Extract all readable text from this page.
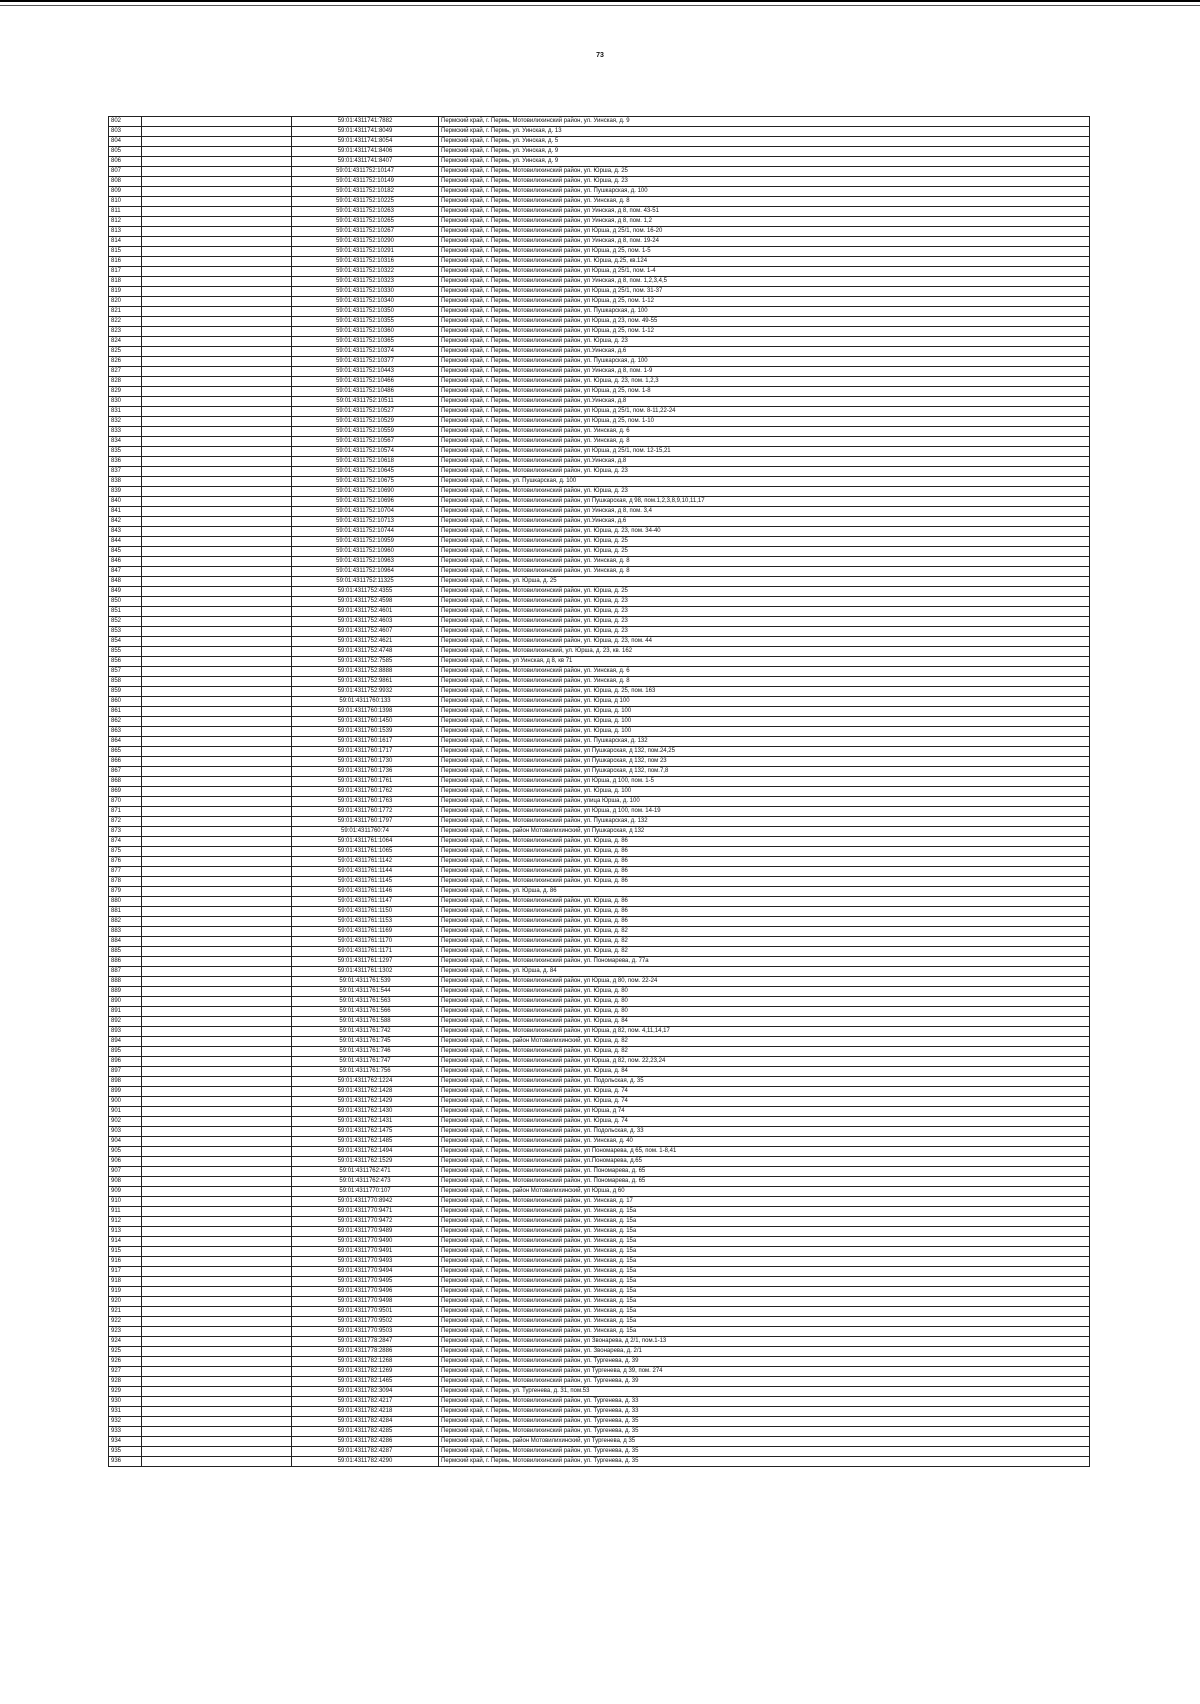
73
802		59:01:4311741:7882	Пермский край, г. Пермь, Мотовилихинский район, ул. Уинская, д. 9
803		59:01:4311741:8049	Пермский край, г. Пермь, ул. Уинская, д. 13
804		59:01:4311741:8054	Пермский край, г. Пермь, ул. Уинская, д. 5
805		59:01:4311741:8406	Пермский край, г. Пермь, ул. Уинская, д. 9
806		59:01:4311741:8407	Пермский край, г. Пермь, ул. Уинская, д. 9
807		59:01:4311752:10147	Пермский край, г. Пермь, Мотовилихинский район, ул. Юрша, д. 25
808		59:01:4311752:10149	Пермский край, г. Пермь, Мотовилихинский район, ул. Юрша, д. 23
809		59:01:4311752:10182	Пермский край, г. Пермь, Мотовилихинский район, ул. Пушкарская, д. 100
810		59:01:4311752:10225	Пермский край, г. Пермь, Мотовилихинский район, ул. Уинская, д. 8
811		59:01:4311752:10263	Пермский край, г. Пермь, Мотовилихинский район, ул Уинская, д 8, пом. 43-51
812		59:01:4311752:10265	Пермский край, г. Пермь, Мотовилихинский район, ул Уинская, д 8, пом. 1,2
813		59:01:4311752:10267	Пермский край, г. Пермь, Мотовилихинский район, ул Юрша, д 25/1, пом. 16-20
814		59:01:4311752:10290	Пермский край, г. Пермь, Мотовилихинский район, ул Уинская, д 8, пом. 19-24
815		59:01:4311752:10291	Пермский край, г. Пермь, Мотовилихинский район, ул Юрша, д 25, пом. 1-5
816		59:01:4311752:10316	Пермский край, г. Пермь, Мотовилихинский район, ул. Юрша, д.25, кв.124
817		59:01:4311752:10322	Пермский край, г. Пермь, Мотовилихинский район, ул Юрша, д 25/1, пом. 1-4
818		59:01:4311752:10323	Пермский край, г. Пермь, Мотовилихинский район, ул Уинская, д 8, пом. 1,2,3,4,5
819		59:01:4311752:10330	Пермский край, г. Пермь, Мотовилихинский район, ул Юрша, д 25/1, пом. 31-37
820		59:01:4311752:10340	Пермский край, г. Пермь, Мотовилихинский район, ул Юрша, д 25, пом. 1-12
821		59:01:4311752:10350	Пермский край, г. Пермь, Мотовилихинский район, ул. Пушкарская, д. 100
822		59:01:4311752:10355	Пермский край, г. Пермь, Мотовилихинский район, ул Юрша, д 23, пом. 49-55
823		59:01:4311752:10360	Пермский край, г. Пермь, Мотовилихинский район, ул Юрша, д 25, пом. 1-12
824		59:01:4311752:10365	Пермский край, г. Пермь, Мотовилихинский район, ул. Юрша, д. 23
825		59:01:4311752:10374	Пермский край, г. Пермь, Мотовилихинский район, ул.Уинская, д.6
826		59:01:4311752:10377	Пермский край, г. Пермь, Мотовилихинский район, ул. Пушкарская, д. 100
827		59:01:4311752:10443	Пермский край, г. Пермь, Мотовилихинский район, ул Уинская, д 8, пом. 1-9
828		59:01:4311752:10466	Пермский край, г. Пермь, Мотовилихинский район, ул. Юрша, д. 23, пом. 1,2,3
829		59:01:4311752:10486	Пермский край, г. Пермь, Мотовилихинский район, ул Юрша, д 25, пом. 1-8
830		59:01:4311752:10511	Пермский край, г. Пермь, Мотовилихинский район, ул.Уинская, д.8
831		59:01:4311752:10527	Пермский край, г. Пермь, Мотовилихинский район, ул Юрша, д 25/1, пом. 8-11,22-24
832		59:01:4311752:10529	Пермский край, г. Пермь, Мотовилихинский район, ул Юрша, д 25, пом. 1-10
833		59:01:4311752:10559	Пермский край, г. Пермь, Мотовилихинский район, ул. Уинская, д. 6
834		59:01:4311752:10567	Пермский край, г. Пермь, Мотовилихинский район, ул. Уинская, д. 8
835		59:01:4311752:10574	Пермский край, г. Пермь, Мотовилихинский район, ул Юрша, д 25/1, пом. 12-15,21
836		59:01:4311752:10618	Пермский край, г. Пермь, Мотовилихинский район, ул.Уинская, д.8
837		59:01:4311752:10645	Пермский край, г. Пермь, Мотовилихинский район, ул. Юрша, д. 23
838		59:01:4311752:10675	Пермский край, г. Пермь, ул. Пушкарская, д. 100
839		59:01:4311752:10690	Пермский край, г. Пермь, Мотовилихинский район, ул. Юрша, д. 23
840		59:01:4311752:10696	Пермский край, г. Пермь, Мотовилихинский район, ул Пушкарская, д 98, пом.1,2,3,8,9,10,11,17
841		59:01:4311752:10704	Пермский край, г. Пермь, Мотовилихинский район, ул Уинская, д 8, пом. 3,4
842		59:01:4311752:10713	Пермский край, г. Пермь, Мотовилихинский район, ул.Уинская, д.6
843		59:01:4311752:10744	Пермский край, г. Пермь, Мотовилихинский район, ул. Юрша, д. 23, пом. 34-40
844		59:01:4311752:10959	Пермский край, г. Пермь, Мотовилихинский район, ул. Юрша, д. 25
845		59:01:4311752:10960	Пермский край, г. Пермь, Мотовилихинский район, ул. Юрша, д. 25
846		59:01:4311752:10963	Пермский край, г. Пермь, Мотовилихинский район, ул. Уинская, д. 8
847		59:01:4311752:10964	Пермский край, г. Пермь, Мотовилихинский район, ул. Уинская, д. 8
848		59:01:4311752:11325	Пермский край, г. Пермь, ул. Юрша, д. 25
849		59:01:4311752:4355	Пермский край, г. Пермь, Мотовилихинский район, ул. Юрша, д. 25
850		59:01:4311752:4598	Пермский край, г. Пермь, Мотовилихинский район, ул. Юрша, д. 23
851		59:01:4311752:4601	Пермский край, г. Пермь, Мотовилихинский район, ул. Юрша, д. 23
852		59:01:4311752:4603	Пермский край, г. Пермь, Мотовилихинский район, ул. Юрша, д. 23
853		59:01:4311752:4607	Пермский край, г. Пермь, Мотовилихинский район, ул. Юрша, д. 23
854		59:01:4311752:4621	Пермский край, г. Пермь, Мотовилихинский район, ул. Юрша, д. 23, пом. 44
855		59:01:4311752:4748	Пермский край, г. Пермь, Мотовилихинский, ул. Юрша, д. 23, кв. 162
856		59:01:4311752:7585	Пермский край, г. Пермь, ул Уинская, д 8, кв 71
857		59:01:4311752:8888	Пермский край, г. Пермь, Мотовилихинский район, ул. Уинская, д. 6
858		59:01:4311752:9861	Пермский край, г. Пермь, Мотовилихинский район, ул. Уинская, д. 8
859		59:01:4311752:9932	Пермский край, г. Пермь, Мотовилихинский район, ул. Юрша, д. 25, пом. 163
860		59:01:4311760:133	Пермский край, г. Пермь, Мотовилихинский район, ул. Юрша, д 100
861		59:01:4311760:1398	Пермский край, г. Пермь, Мотовилихинский район, ул. Юрша, д. 100
862		59:01:4311760:1450	Пермский край, г. Пермь, Мотовилихинский район, ул. Юрша, д. 100
863		59:01:4311760:1539	Пермский край, г. Пермь, Мотовилихинский район, ул. Юрша, д. 100
864		59:01:4311760:1617	Пермский край, г. Пермь, Мотовилихинский район, ул. Пушкарская, д. 132
865		59:01:4311760:1717	Пермский край, г. Пермь, Мотовилихинский район, ул Пушкарская, д 132, пом.24,25
866		59:01:4311760:1730	Пермский край, г. Пермь, Мотовилихинский район, ул Пушкарская, д 132, пом 23
867		59:01:4311760:1736	Пермский край, г. Пермь, Мотовилихинский район, ул Пушкарская, д 132, пом.7,8
868		59:01:4311760:1761	Пермский край, г. Пермь, Мотовилихинский район, ул Юрша, д 100, пом. 1-5
869		59:01:4311760:1762	Пермский край, г. Пермь, Мотовилихинский район, ул. Юрша, д. 100
870		59:01:4311760:1763	Пермский край, г. Пермь, Мотовилихинский район, улица Юрша, д. 100
871		59:01:4311760:1772	Пермский край, г. Пермь, Мотовилихинский район, ул Юрша, д 100, пом. 14-19
872		59:01:4311760:1797	Пермский край, г. Пермь, Мотовилихинский район, ул. Пушкарская, д. 132
873		59:01:4311760:74	Пермский край, г. Пермь, район Мотовилихинский, ул Пушкарская, д 132
874		59:01:4311761:1064	Пермский край, г. Пермь, Мотовилихинский район, ул. Юрша, д. 86
875		59:01:4311761:1065	Пермский край, г. Пермь, Мотовилихинский район, ул. Юрша, д. 86
876		59:01:4311761:1142	Пермский край, г. Пермь, Мотовилихинский район, ул. Юрша, д. 86
877		59:01:4311761:1144	Пермский край, г. Пермь, Мотовилихинский район, ул. Юрша, д. 86
878		59:01:4311761:1145	Пермский край, г. Пермь, Мотовилихинский район, ул. Юрша, д. 86
879		59:01:4311761:1146	Пермский край, г. Пермь, ул. Юрша, д. 86
880		59:01:4311761:1147	Пермский край, г. Пермь, Мотовилихинский район, ул. Юрша, д. 86
881		59:01:4311761:1150	Пермский край, г. Пермь, Мотовилихинский район, ул. Юрша, д. 86
882		59:01:4311761:1153	Пермский край, г. Пермь, Мотовилихинский район, ул. Юрша, д. 86
883		59:01:4311761:1169	Пермский край, г. Пермь, Мотовилихинский район, ул. Юрша, д. 82
884		59:01:4311761:1170	Пермский край, г. Пермь, Мотовилихинский район, ул. Юрша, д. 82
885		59:01:4311761:1171	Пермский край, г. Пермь, Мотовилихинский район, ул. Юрша, д. 82
886		59:01:4311761:1297	Пермский край, г. Пермь, Мотовилихинский район, ул. Пономарева, д. 77а
887		59:01:4311761:1302	Пермский край, г. Пермь, ул. Юрша, д. 84
888		59:01:4311761:539	Пермский край, г. Пермь, Мотовилихинский район, ул Юрша, д 80, пом. 22-24
889		59:01:4311761:544	Пермский край, г. Пермь, Мотовилихинский район, ул. Юрша, д. 80
890		59:01:4311761:563	Пермский край, г. Пермь, Мотовилихинский район, ул. Юрша, д. 80
891		59:01:4311761:566	Пермский край, г. Пермь, Мотовилихинский район, ул. Юрша, д. 80
892		59:01:4311761:588	Пермский край, г. Пермь, Мотовилихинский район, ул. Юрша, д. 84
893		59:01:4311761:742	Пермский край, г. Пермь, Мотовилихинский район, ул Юрша, д 82, пом. 4,11,14,17
894		59:01:4311761:745	Пермский край, г. Пермь, район Мотовилихинский, ул. Юрша, д. 82
895		59:01:4311761:746	Пермский край, г. Пермь, Мотовилихинский район, ул. Юрша, д. 82
896		59:01:4311761:747	Пермский край, г. Пермь, Мотовилихинский район, ул Юрша, д 82, пом. 22,23,24
897		59:01:4311761:756	Пермский край, г. Пермь, Мотовилихинский район, ул. Юрша, д. 84
898		59:01:4311762:1224	Пермский край, г. Пермь, Мотовилихинский район, ул. Подольская, д. 35
899		59:01:4311762:1428	Пермский край, г. Пермь, Мотовилихинский район, ул. Юрша, д. 74
900		59:01:4311762:1429	Пермский край, г. Пермь, Мотовилихинский район, ул. Юрша, д. 74
901		59:01:4311762:1430	Пермский край, г. Пермь, Мотовилихинский район, ул Юрша, д 74
902		59:01:4311762:1431	Пермский край, г. Пермь, Мотовилихинский район, ул. Юрша, д. 74
903		59:01:4311762:1475	Пермский край, г. Пермь, Мотовилихинский район, ул. Подольская, д. 33
904		59:01:4311762:1485	Пермский край, г. Пермь, Мотовилихинский район, ул. Уинская, д. 40
905		59:01:4311762:1494	Пермский край, г. Пермь, Мотовилихинский район, ул Пономарева, д 65, пом. 1-8,41
906		59:01:4311762:1529	Пермский край, г. Пермь, Мотовилихинский район, ул.Пономарева, д.65
907		59:01:4311762:471	Пермский край, г. Пермь, Мотовилихинский район, ул. Пономарева, д. 65
908		59:01:4311762:473	Пермский край, г. Пермь, Мотовилихинский район, ул. Пономарева, д. 65
909		59:01:4311770:107	Пермский край, г. Пермь, район Мотовилихинский, ул Юрша, д 60
910		59:01:4311770:8942	Пермский край, г. Пермь, Мотовилихинский район, ул. Уинская, д. 17
911		59:01:4311770:9471	Пермский край, г. Пермь, Мотовилихинский район, ул. Уинская, д. 15а
912		59:01:4311770:9472	Пермский край, г. Пермь, Мотовилихинский район, ул. Уинская, д. 15а
913		59:01:4311770:9489	Пермский край, г. Пермь, Мотовилихинский район, ул. Уинская, д. 15а
914		59:01:4311770:9490	Пермский край, г. Пермь, Мотовилихинский район, ул. Уинская, д. 15а
915		59:01:4311770:9491	Пермский край, г. Пермь, Мотовилихинский район, ул. Уинская, д. 15а
916		59:01:4311770:9493	Пермский край, г. Пермь, Мотовилихинский район, ул. Уинская, д. 15а
917		59:01:4311770:9494	Пермский край, г. Пермь, Мотовилихинский район, ул. Уинская, д. 15а
918		59:01:4311770:9495	Пермский край, г. Пермь, Мотовилихинский район, ул. Уинская, д. 15а
919		59:01:4311770:9496	Пермский край, г. Пермь, Мотовилихинский район, ул. Уинская, д. 15а
920		59:01:4311770:9498	Пермский край, г. Пермь, Мотовилихинский район, ул. Уинская, д. 15а
921		59:01:4311770:9501	Пермский край, г. Пермь, Мотовилихинский район, ул. Уинская, д. 15а
922		59:01:4311770:9502	Пермский край, г. Пермь, Мотовилихинский район, ул. Уинская, д. 15а
923		59:01:4311770:9503	Пермский край, г. Пермь, Мотовилихинский район, ул. Уинская, д. 15а
924		59:01:4311778:2847	Пермский край, г. Пермь, Мотовилихинский район, ул Звонарева, д 2/1, пом.1-13
925		59:01:4311778:2886	Пермский край, г. Пермь, Мотовилихинский район, ул. Звонарева, д. 2/1
926		59:01:4311782:1268	Пермский край, г. Пермь, Мотовилихинский район, ул. Тургенева, д. 39
927		59:01:4311782:1269	Пермский край, г. Пермь, Мотовилихинский район, ул Тургенева, д 39, пом. 274
928		59:01:4311782:1465	Пермский край, г. Пермь, Мотовилихинский район, ул. Тургенева, д. 39
929		59:01:4311782:3094	Пермский край, г. Пермь, ул. Тургенева, д. 31, пом.53
930		59:01:4311782:4217	Пермский край, г. Пермь, Мотовилихинский район, ул. Тургенева, д. 33
931		59:01:4311782:4218	Пермский край, г. Пермь, Мотовилихинский район, ул. Тургенева, д. 33
932		59:01:4311782:4284	Пермский край, г. Пермь, Мотовилихинский район, ул. Тургенева, д. 35
933		59:01:4311782:4285	Пермский край, г. Пермь, Мотовилихинский район, ул. Тургенева, д. 35
934		59:01:4311782:4286	Пермский край, г. Пермь, район Мотовилихинский, ул Тургенева, д 35
935		59:01:4311782:4287	Пермский край, г. Пермь, Мотовилихинский район, ул. Тургенева, д. 35
936		59:01:4311782:4290	Пермский край, г. Пермь, Мотовилихинский район, ул. Тургенева, д. 35
